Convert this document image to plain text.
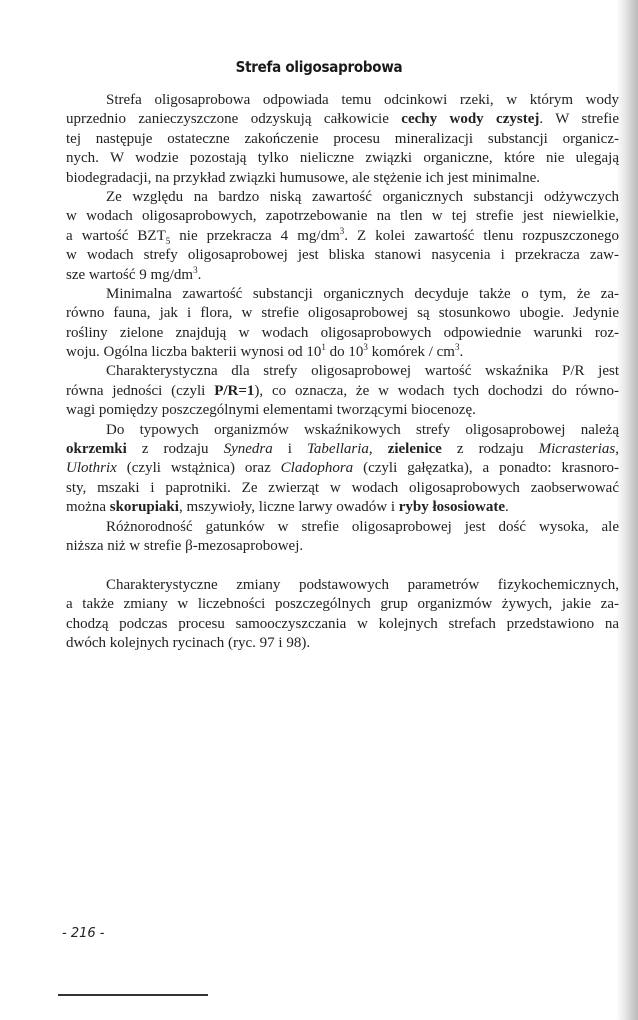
Strefa oligosaprobowa
Strefa oligosaprobowa odpowiada temu odcinkowi rzeki, w którym wody
uprzednio zanieczyszczone odzyskują całkowicie cechy wody czystej. W strefie
tej następuje ostateczne zakończenie procesu mineralizacji substancji organicz-
nych. W wodzie pozostają tylko nieliczne związki organiczne, które nie ulegają
biodegradacji, na przykład związki humusowe, ale stężenie ich jest minimalne.
Ze względu na bardzo niską zawartość organicznych substancji odżywczych
w wodach oligosaprobowych, zapotrzebowanie na tlen w tej strefie jest niewielkie,
a wartość $BZT_5$ nie przekracza 4 $mg/dm^3$. Z kolei zawartość tlenu rozpuszczonego
w wodach strefy oligosaprobowej jest bliska stanowi nasycenia i przekracza zaw-
sze wartość 9 $mg/dm^3$.
Minimalna zawartość substancji organicznych decyduje także o tym, że za-
równo fauna, jak i flora, w strefie oligosaprobowej są stosunkowo ubogie. Jedynie
rośliny zielone znajdują w wodach oligosaprobowych odpowiednie warunki roz-
woju. Ogólna liczba bakterii wynosi od $10^1$ do $10^3$ komórek / $cm^3$.
Charakterystyczna dla strefy oligosaprobowej wartość wskaźnika P/R jest
równa jedności (czyli P/R=1), co oznacza, że w wodach tych dochodzi do równo-
wagi pomiędzy poszczególnymi elementami tworzącymi biocenozę.
Do typowych organizmów wskaźnikowych strefy oligosaprobowej należą
okrzemki z rodzaju Synedra i Tabellaria, zielenice z rodzaju Micrasterias,
Ulothrix (czyli wstążnica) oraz Cladophora (czyli gałęzatka), a ponadto: krasnoro-
sty, mszaki i paprotniki. Ze zwierząt w wodach oligosaprobowych zaobserwować
można skorupiaki, mszywioły, liczne larwy owadów i ryby łososiowate.
Różnorodność gatunków w strefie oligosaprobowej jest dość wysoka, ale
niższa niż w strefie β-mezosaprobowej.
Charakterystyczne zmiany podstawowych parametrów fizykochemicznych,
a także zmiany w liczebności poszczególnych grup organizmów żywych, jakie za-
chodzą podczas procesu samooczyszczania w kolejnych strefach przedstawiono na
dwóch kolejnych rycinach (ryc. 97 i 98).
- 216 -
